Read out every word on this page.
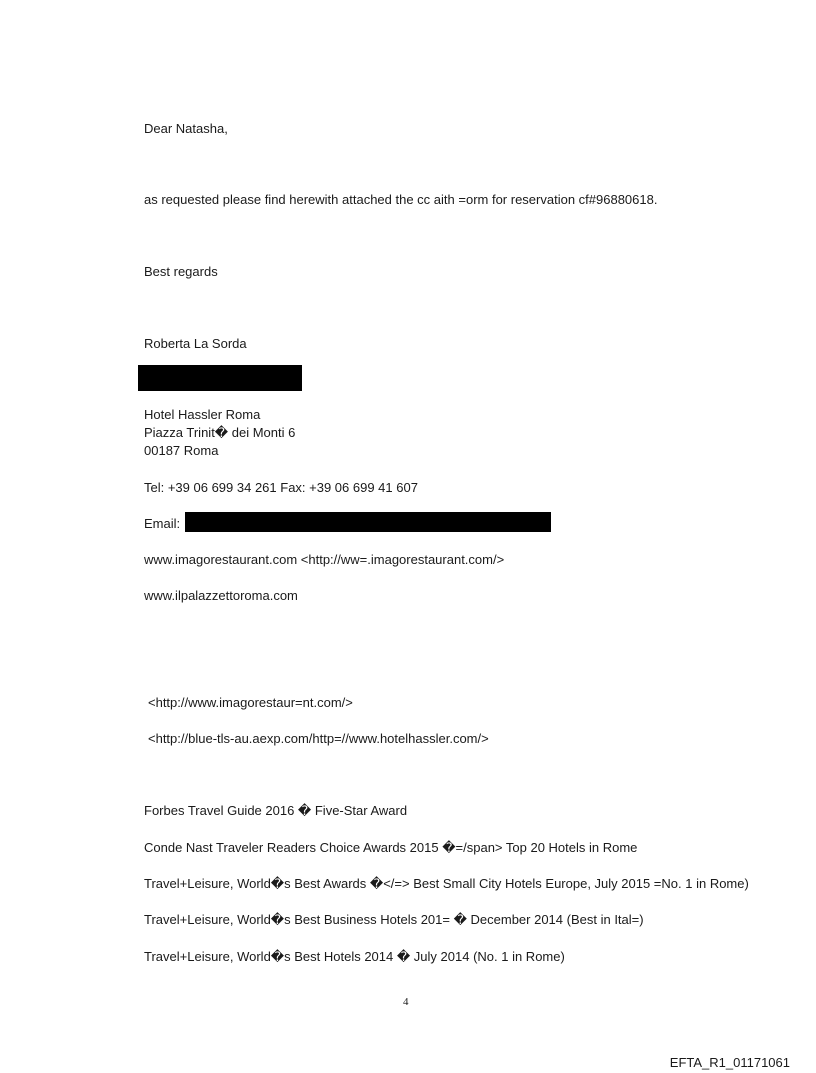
Dear Natasha,
as requested please find herewith attached the cc aith =orm for reservation cf#96880618.
Best regards
Roberta La Sorda
Hotel Hassler Roma
Piazza Trinit� dei Monti 6
00187 Roma
Tel: +39 06 699 34 261 Fax: +39 06 699 41 607
Email:
www.imagorestaurant.com <http://ww=.imagorestaurant.com/>
www.ilpalazzettoroma.com
<http://www.imagorestaur=nt.com/>
<http://blue-tls-au.aexp.com/http=//www.hotelhassler.com/>
Forbes Travel Guide 2016 � Five-Star Award
Conde Nast Traveler Readers Choice Awards 2015 �=/span> Top 20 Hotels in Rome
Travel+Leisure, World�s Best Awards �</=> Best Small City Hotels Europe, July 2015 =No. 1 in Rome)
Travel+Leisure, World�s Best Business Hotels 201= � December 2014 (Best in Ital=)
Travel+Leisure, World�s Best Hotels 2014 � July 2014 (No. 1 in Rome)
4
EFTA_R1_01171061
